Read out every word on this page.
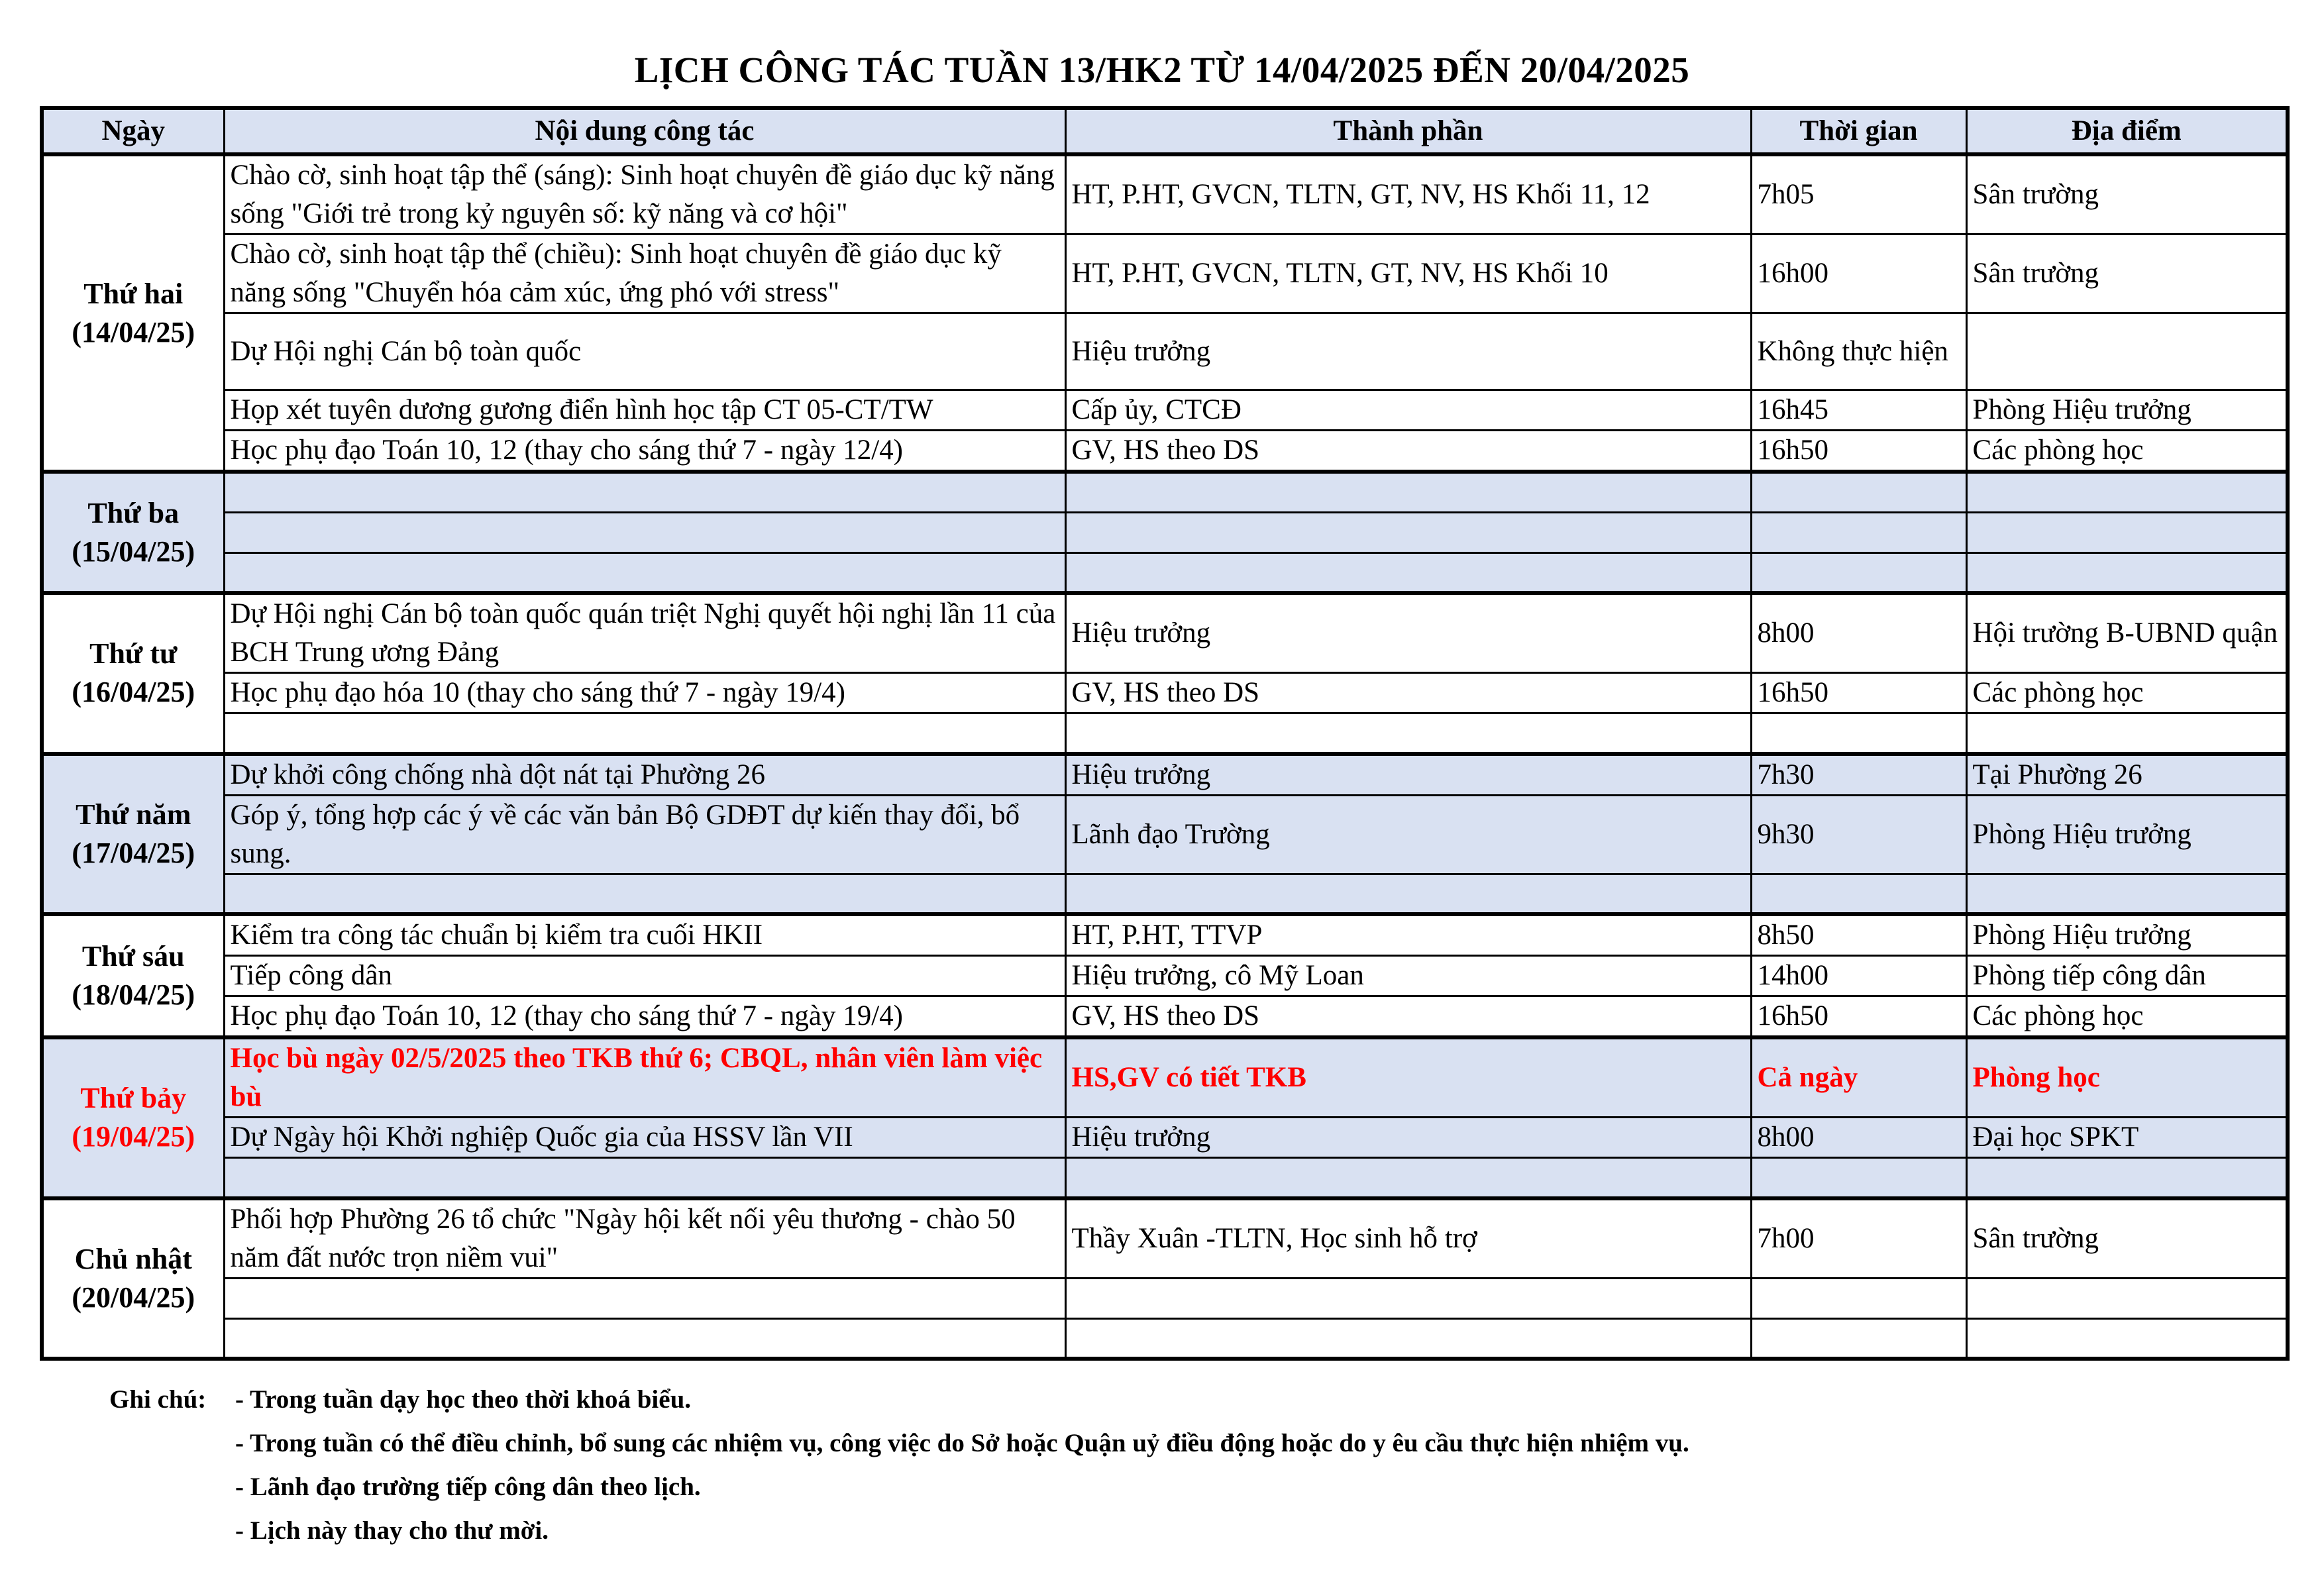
LỊCH CÔNG TÁC TUẦN 13/HK2 TỪ 14/04/2025 ĐẾN 20/04/2025
Ngày	Nội dung công tác	Thành phần	Thời gian	Địa điểm

Thứ hai
(14/04/25)	Chào cờ, sinh hoạt tập thể (sáng): Sinh hoạt chuyên đề giáo dục kỹ năng sống "Giới trẻ trong kỷ nguyên số: kỹ năng và cơ hội"	HT, P.HT, GVCN, TLTN, GT, NV, HS Khối 11, 12	7h05	Sân trường
	Chào cờ, sinh hoạt tập thể (chiều): Sinh hoạt chuyên đề giáo dục kỹ năng sống "Chuyển hóa cảm xúc, ứng phó với stress"	HT, P.HT, GVCN, TLTN, GT, NV, HS Khối 10	16h00	Sân trường
	Dự Hội nghị Cán bộ toàn quốc	Hiệu trưởng	Không thực hiện	
	Họp xét tuyên dương gương điển hình học tập CT 05-CT/TW	Cấp ủy, CTCĐ	16h45	Phòng Hiệu trưởng
	Học phụ đạo Toán 10, 12 (thay cho sáng thứ 7 - ngày 12/4)	GV, HS theo DS	16h50	Các phòng học

Thứ ba
(15/04/25)				

Thứ tư
(16/04/25)	Dự Hội nghị Cán bộ toàn quốc quán triệt Nghị quyết hội nghị lần 11 của BCH Trung ương Đảng	Hiệu trưởng	8h00	Hội trường B-UBND quận
	Học phụ đạo hóa 10 (thay cho sáng thứ 7 - ngày 19/4)	GV, HS theo DS	16h50	Các phòng học

Thứ năm
(17/04/25)	Dự khởi công chống nhà dột nát tại Phường 26	Hiệu trưởng	7h30	Tại Phường 26
	Góp ý, tổng hợp các ý về các văn bản Bộ GDĐT dự kiến thay đổi, bổ sung.	Lãnh đạo Trường	9h30	Phòng Hiệu trưởng

Thứ sáu
(18/04/25)	Kiểm tra công tác chuẩn bị kiểm tra cuối HKII	HT, P.HT, TTVP	8h50	Phòng Hiệu trưởng
	Tiếp công dân	Hiệu trưởng, cô Mỹ Loan	14h00	Phòng tiếp công dân
	Học phụ đạo Toán 10, 12 (thay cho sáng thứ 7 - ngày 19/4)	GV, HS theo DS	16h50	Các phòng học

Thứ bảy
(19/04/25)	Học bù ngày 02/5/2025 theo TKB thứ 6; CBQL, nhân viên làm việc bù	HS,GV có tiết TKB	Cả ngày	Phòng học
	Dự Ngày hội Khởi nghiệp Quốc gia của HSSV lần VII	Hiệu trưởng	8h00	Đại học SPKT

Chủ nhật
(20/04/25)	Phối hợp Phường 26 tổ chức "Ngày hội kết nối yêu thương - chào 50 năm đất nước trọn niềm vui"	Thầy Xuân -TLTN, Học sinh hỗ trợ	7h00	Sân trường

Ghi chú:	- Trong tuần dạy học theo thời khoá biểu.
- Trong tuần có thể điều chỉnh, bổ sung các nhiệm vụ, công việc do Sở hoặc Quận uỷ điều động hoặc do y êu cầu thực hiện nhiệm vụ.
- Lãnh đạo trường tiếp công dân theo lịch.
- Lịch này thay cho thư mời.
